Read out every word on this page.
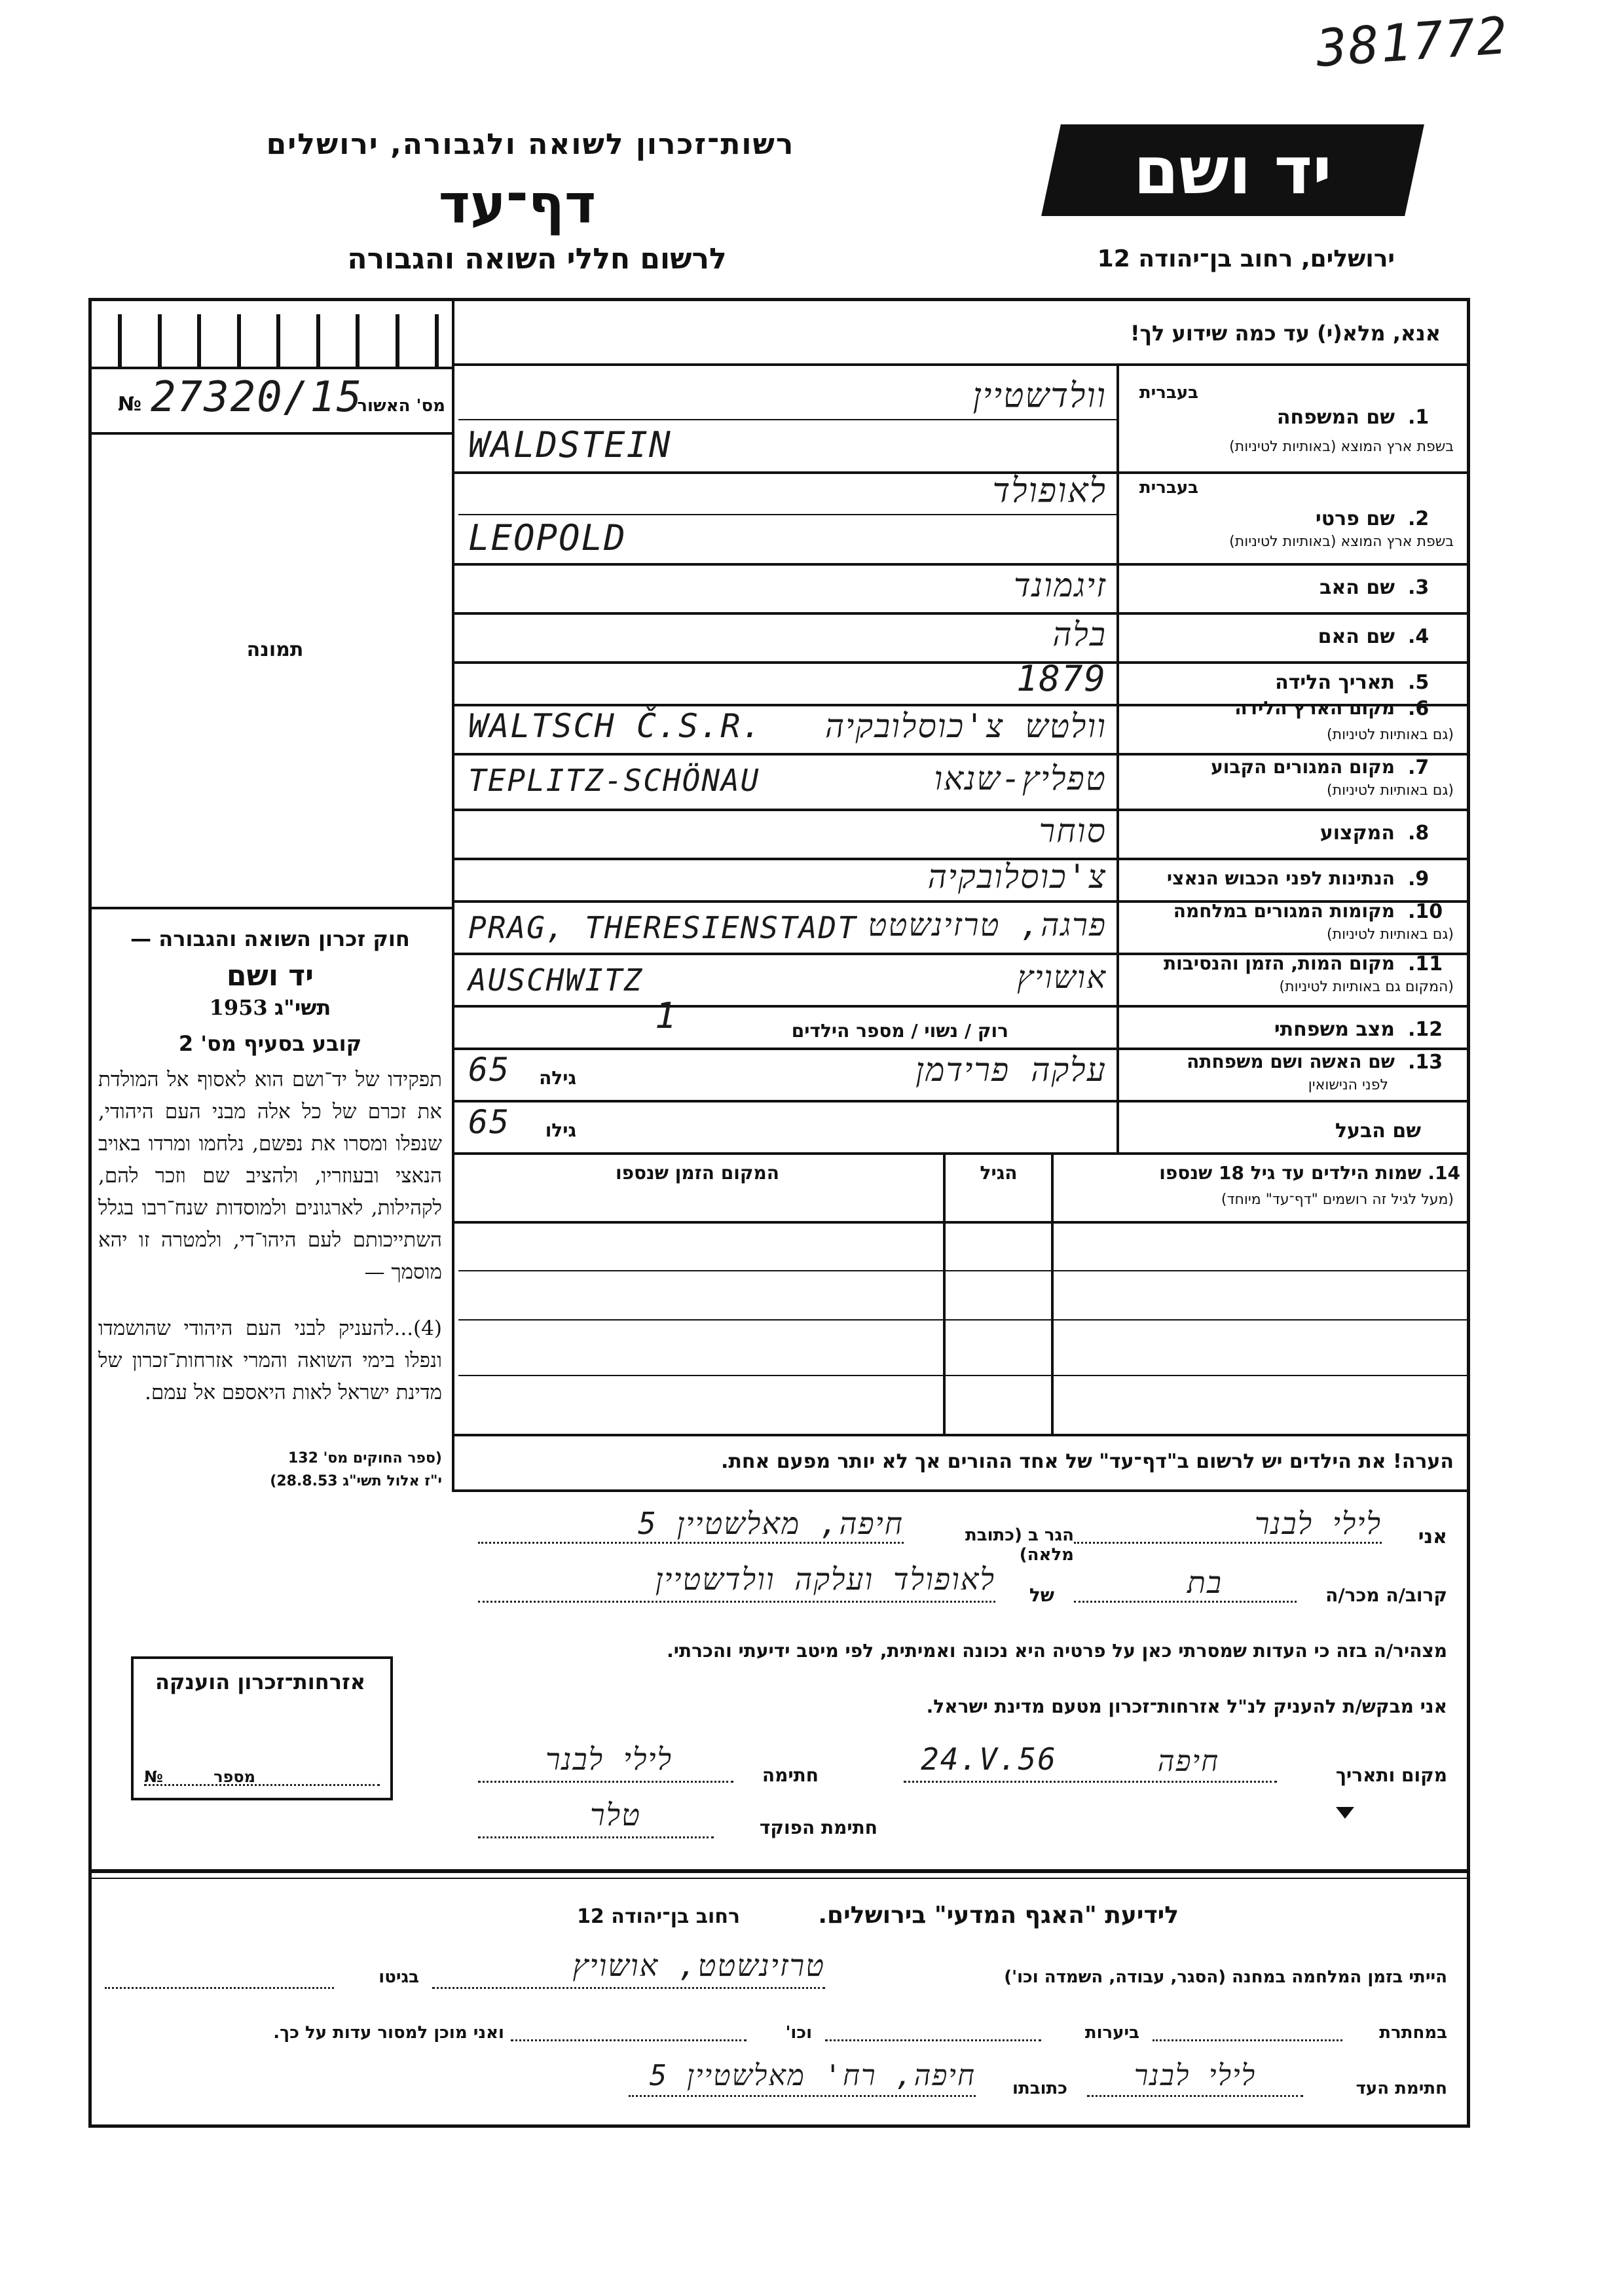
381772
רשות־זכרון לשואה ולגבורה, ירושלים
דף־עד
לרשום חללי השואה והגבורה
יד ושם
ירושלים, רחוב בן־יהודה 12
אנא, מלא(י) עד כמה שידוע לך!
№ 27320/15
מס' האשור
תמונה
חוק זכרון השואה והגבורה —
יד ושם
תשי"ג 1953
קובע בסעיף מס' 2
תפקידו של יד־ושם הוא לאסוף אל המולדת את זכרם של כל אלה מבני העם היהודי, שנפלו ומסרו את נפשם, נלחמו ומרדו באויב הנאצי ובעוזריו, ולהציב שם וזכר להם, לקהילות, לארגונים ולמוסדות שנח־רבו בגלל השתייכותם לעם היהו־די, ולמטרה זו יהא מוסמך —
(4)...להעניק לבני העם היהודי שהושמדו ונפלו בימי השואה והמרי אזרחות־זכרון של מדינת ישראל לאות היאספם אל עמם.
(ספר החוקים מס' 132
י"ז אלול תשי"ג 28.8.53)
בעברית
1.
שם המשפחה
בשפת ארץ המוצא (באותיות לטיניות)
וולדשטיין
WALDSTEIN
בעברית
2.
שם פרטי
בשפת ארץ המוצא (באותיות לטיניות)
לאופולד
LEOPOLD
3.
שם האב
זיגמונד
4.
שם האם
בלה
5.
תאריך הלידה
1879
6.
מקום הארץ הלידה
(גם באותיות לטיניות)
וולטש צ'כוסלובקיה
WALTSCH Č.S.R.
7.
מקום המגורים הקבוע
(גם באותיות לטיניות)
טפליץ-שנאו
TEPLITZ-SCHÖNAU
8.
המקצוע
סוחר
9.
הנתינות לפני הכבוש הנאצי
צ'כוסלובקיה
10.
מקומות המגורים במלחמה
(גם באותיות לטיניות)
פרגה, טרזינשטט
PRAG, THERESIENSTADT
11.
מקום המות, הזמן והנסיבות
(המקום גם באותיות לטיניות)
אושויץ
AUSCHWITZ
12.
מצב משפחתי
רוק / נשוי / מספר הילדים
1
13.
שם האשה ושם משפחתה
לפני הנישואין
עלקה פרידמן
גילה
65
שם הבעל
גילו
65
14. שמות הילדים עד גיל 18 שנספו
(מעל לגיל זה רושמים "דף־עד" מיוחד)
הגיל
המקום הזמן שנספו
הערה! את הילדים יש לרשום ב"דף־עד" של אחד ההורים אך לא יותר מפעם אחת.
אני
לילי לבנר
הגר ב (כתובת מלאה)
חיפה, מאלשטיין 5
קרוב/ה מכר/ה
בת
של
לאופולד ועלקה וולדשטיין
מצהיר/ה בזה כי העדות שמסרתי כאן על פרטיה היא נכונה ואמיתית, לפי מיטב ידיעתי והכרתי.
אני מבקש/ת להעניק לנ"ל אזרחות־זכרון מטעם מדינת ישראל.
מקום ותאריך
חיפה
24.V.56
חתימה
לילי לבנר
חתימת הפוקד
טלר
אזרחות־זכרון הוענקה
מספר
№
לידיעת "האגף המדעי" בירושלים.
רחוב בן־יהודה 12
הייתי בזמן המלחמה במחנה (הסגר, עבודה, השמדה וכו')
טרזינשטט, אושויץ
בגיטו
במחתרת
ביערות
וכו'
ואני מוכן למסור עדות על כך.
חתימת העד
לילי לבנר
כתובתו
חיפה, רח' מאלשטיין 5
